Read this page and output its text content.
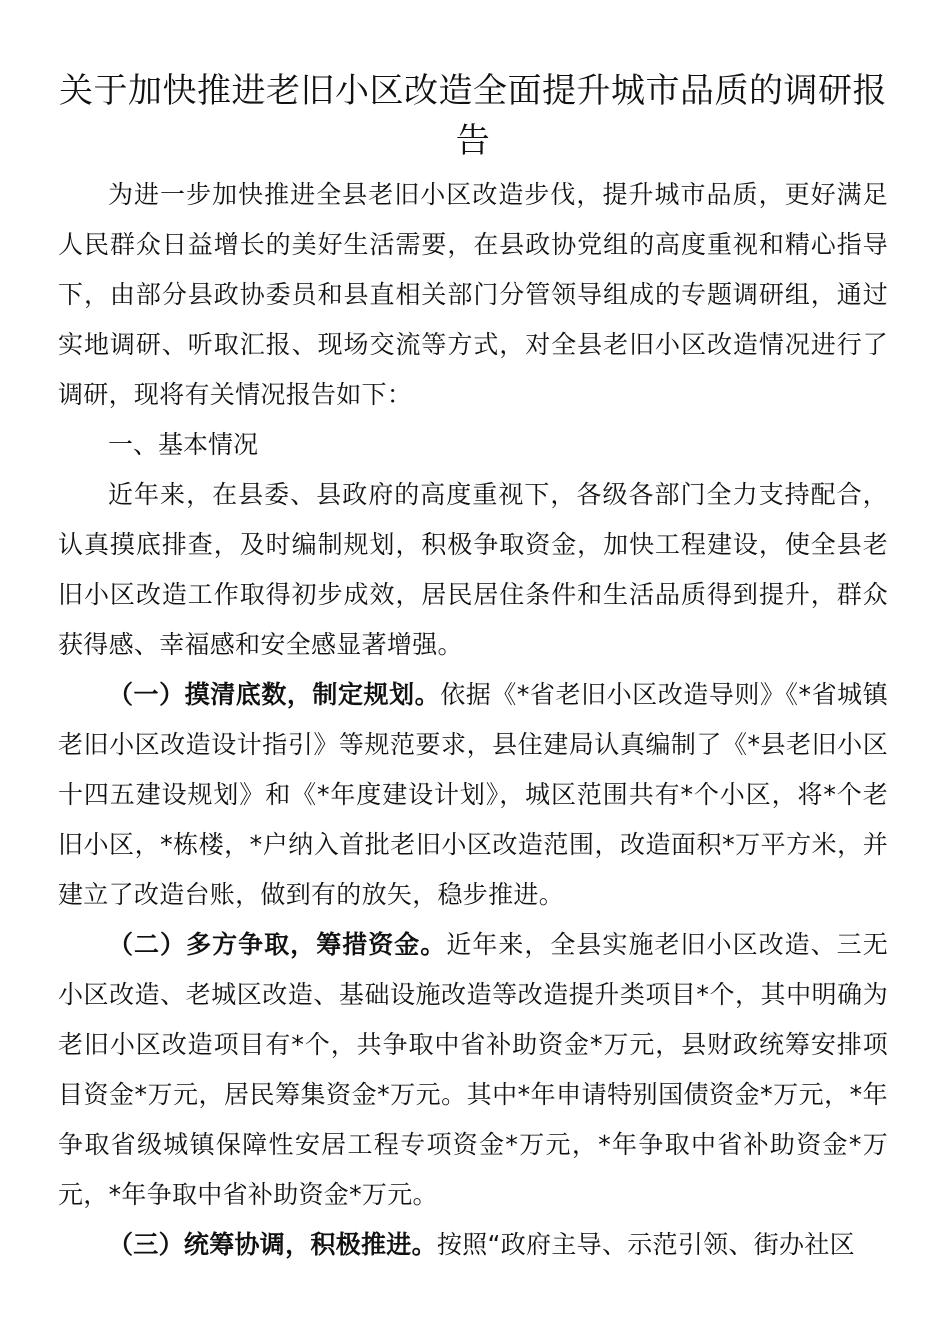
关于加快推进老旧小区改造全面提升城市品质的调研报告

为进一步加快推进全县老旧小区改造步伐，提升城市品质，更好满足人民群众日益增长的美好生活需要，在县政协党组的高度重视和精心指导下，由部分县政协委员和县直相关部门分管领导组成的专题调研组，通过实地调研、听取汇报、现场交流等方式，对全县老旧小区改造情况进行了调研，现将有关情况报告如下：

一、基本情况

近年来，在县委、县政府的高度重视下，各级各部门全力支持配合，认真摸底排查，及时编制规划，积极争取资金，加快工程建设，使全县老旧小区改造工作取得初步成效，居民居住条件和生活品质得到提升，群众获得感、幸福感和安全感显著增强。

（一）摸清底数，制定规划。依据《*省老旧小区改造导则》《*省城镇老旧小区改造设计指引》等规范要求，县住建局认真编制了《*县老旧小区十四五建设规划》和《*年度建设计划》，城区范围共有*个小区，将*个老旧小区，*栋楼，*户纳入首批老旧小区改造范围，改造面积*万平方米，并建立了改造台账，做到有的放矢，稳步推进。

（二）多方争取，筹措资金。近年来，全县实施老旧小区改造、三无小区改造、老城区改造、基础设施改造等改造提升类项目*个，其中明确为老旧小区改造项目有*个，共争取中省补助资金*万元，县财政统筹安排项目资金*万元，居民筹集资金*万元。其中*年申请特别国债资金*万元，*年争取省级城镇保障性安居工程专项资金*万元，*年争取中省补助资金*万元，*年争取中省补助资金*万元。

（三）统筹协调，积极推进。按照“政府主导、示范引领、街办社区
